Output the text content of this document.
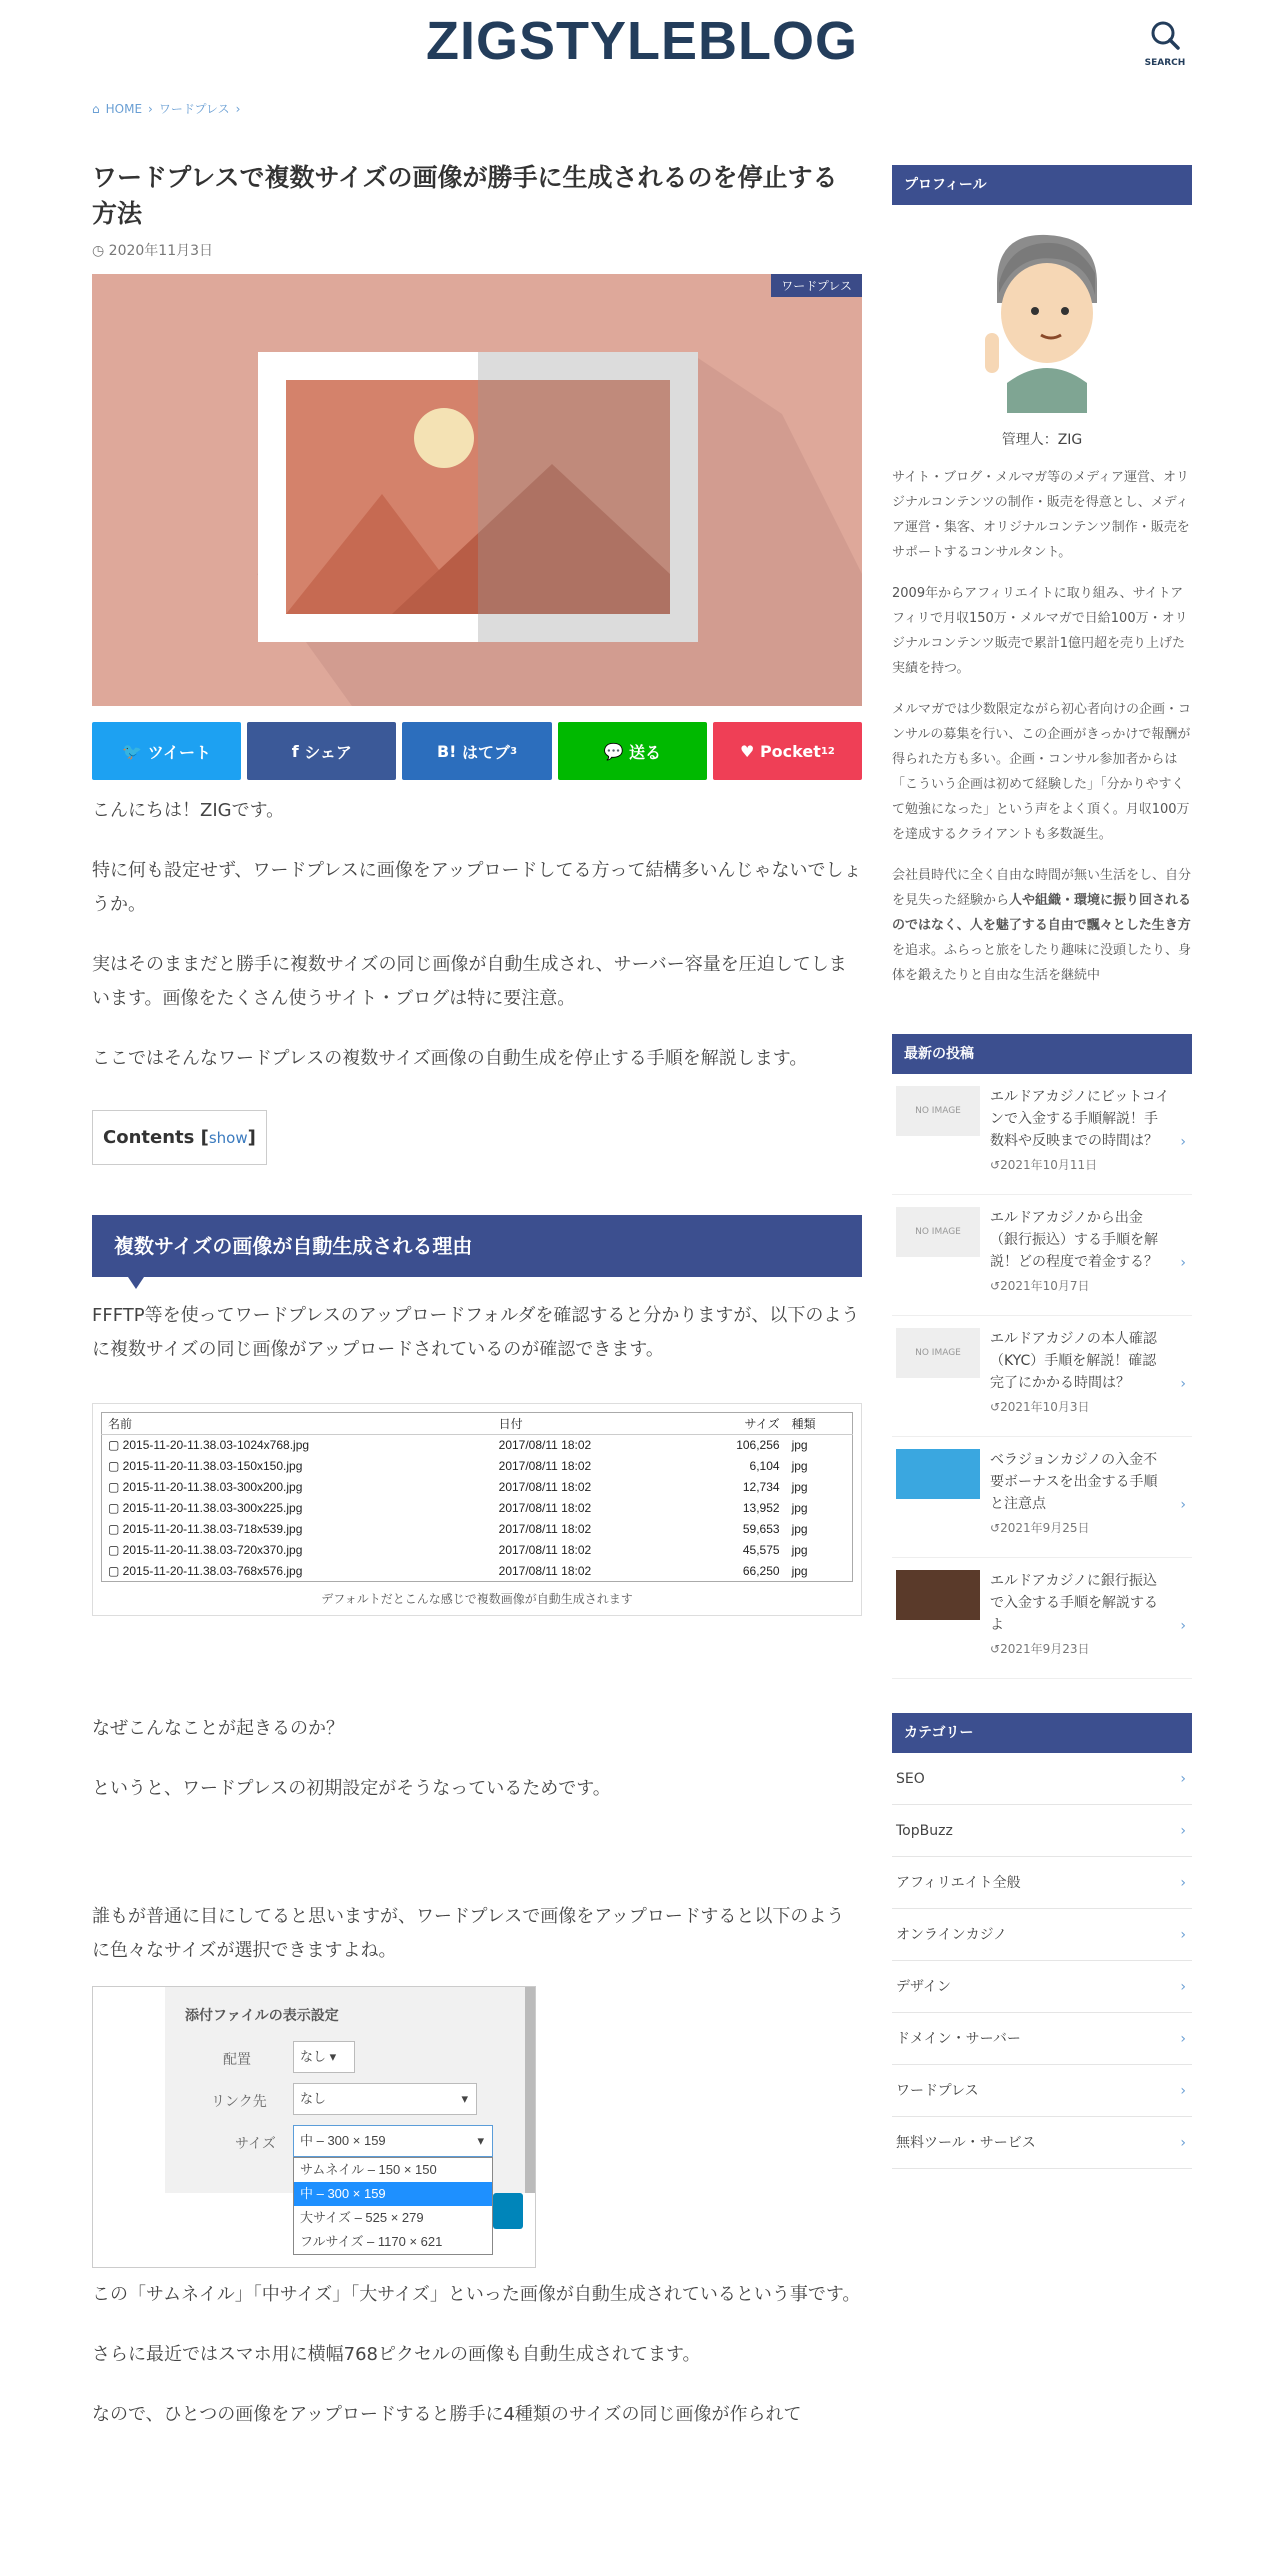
ZIGSTYLEBLOG	SEARCH
⌂ HOME › ワードプレス ›
ワードプレスで複数サイズの画像が勝手に生成されるのを停止する方法
◷ 2020年11月3日
ワードプレス
🐦
ツイート	f
シェア	B!
はてブ 3	💬
送る	♥
Pocket 12

こんにちは！ZIGです。

特に何も設定せず、ワードプレスに画像をアップロードしてる方って結構多いんじゃないでしょうか。

実はそのままだと勝手に複数サイズの同じ画像が自動生成され、サーバー容量を圧迫してしまいます。画像をたくさん使うサイト・ブログは特に要注意。

ここではそんなワードプレスの複数サイズ画像の自動生成を停止する手順を解説します。

Contents [show]
複数サイズの画像が自動生成される理由

FFFTP等を使ってワードプレスのアップロードフォルダを確認すると分かりますが、以下のように複数サイズの同じ画像がアップロードされているのが確認できます。

名前	日付	サイズ	種類
▢ 2015-11-20-11.38.03-1024x768.jpg	2017/08/11 18:02	106,256	jpg
▢ 2015-11-20-11.38.03-150x150.jpg	2017/08/11 18:02	6,104	jpg
▢ 2015-11-20-11.38.03-300x200.jpg	2017/08/11 18:02	12,734	jpg
▢ 2015-11-20-11.38.03-300x225.jpg	2017/08/11 18:02	13,952	jpg
▢ 2015-11-20-11.38.03-718x539.jpg	2017/08/11 18:02	59,653	jpg
▢ 2015-11-20-11.38.03-720x370.jpg	2017/08/11 18:02	45,575	jpg
▢ 2015-11-20-11.38.03-768x576.jpg	2017/08/11 18:02	66,250	jpg
デフォルトだとこんな感じで複数画像が自動生成されます

なぜこんなことが起きるのか？

というと、ワードプレスの初期設定がそうなっているためです。

誰もが普通に目にしてると思いますが、ワードプレスで画像をアップロードすると以下のように色々なサイズが選択できますよね。

添付ファイルの表示設定
配置	なし ▾
リンク先	なし	▾
サイズ	中 – 300 × 159	▾
サムネイル – 150 × 150
中 – 300 × 159
大サイズ – 525 × 279
フルサイズ – 1170 × 621

この「サムネイル」「中サイズ」「大サイズ」といった画像が自動生成されているという事です。

さらに最近ではスマホ用に横幅768ピクセルの画像も自動生成されてます。

なので、ひとつの画像をアップロードすると勝手に4種類のサイズの同じ画像が作られて

プロフィール
管理人：ZIG

サイト・ブログ・メルマガ等のメディア運営、オリジナルコンテンツの制作・販売を得意とし、メディア運営・集客、オリジナルコンテンツ制作・販売をサポートするコンサルタント。

2009年からアフィリエイトに取り組み、サイトアフィリで月収150万・メルマガで日給100万・オリジナルコンテンツ販売で累計1億円超を売り上げた実績を持つ。

メルマガでは少数限定ながら初心者向けの企画・コンサルの募集を行い、この企画がきっかけで報酬が得られた方も多い。企画・コンサル参加者からは「こういう企画は初めて経験した」「分かりやすくて勉強になった」という声をよく頂く。月収100万を達成するクライアントも多数誕生。

会社員時代に全く自由な時間が無い生活をし、自分を見失った経験から人や組織・環境に振り回されるのではなく、人を魅了する自由で飄々とした生き方を追求。ふらっと旅をしたり趣味に没頭したり、身体を鍛えたりと自由な生活を継続中

最新の投稿
NO IMAGE
エルドアカジノにビットコインで入金する手順解説！手数料や反映までの時間は？
↺2021年10月11日
›
NO IMAGE
エルドアカジノから出金（銀行振込）する手順を解説！どの程度で着金する？
↺2021年10月7日
›
NO IMAGE
エルドアカジノの本人確認（KYC）手順を解説！確認完了にかかる時間は？
↺2021年10月3日
›
ベラジョンカジノの入金不要ボーナスを出金する手順と注意点
↺2021年9月25日
›
エルドアカジノに銀行振込で入金する手順を解説するよ
↺2021年9月23日
›
カテゴリー
SEO	›
TopBuzz	›
アフィリエイト全般	›
オンラインカジノ	›
デザイン	›
ドメイン・サーバー	›
ワードプレス	›
無料ツール・サービス	›
